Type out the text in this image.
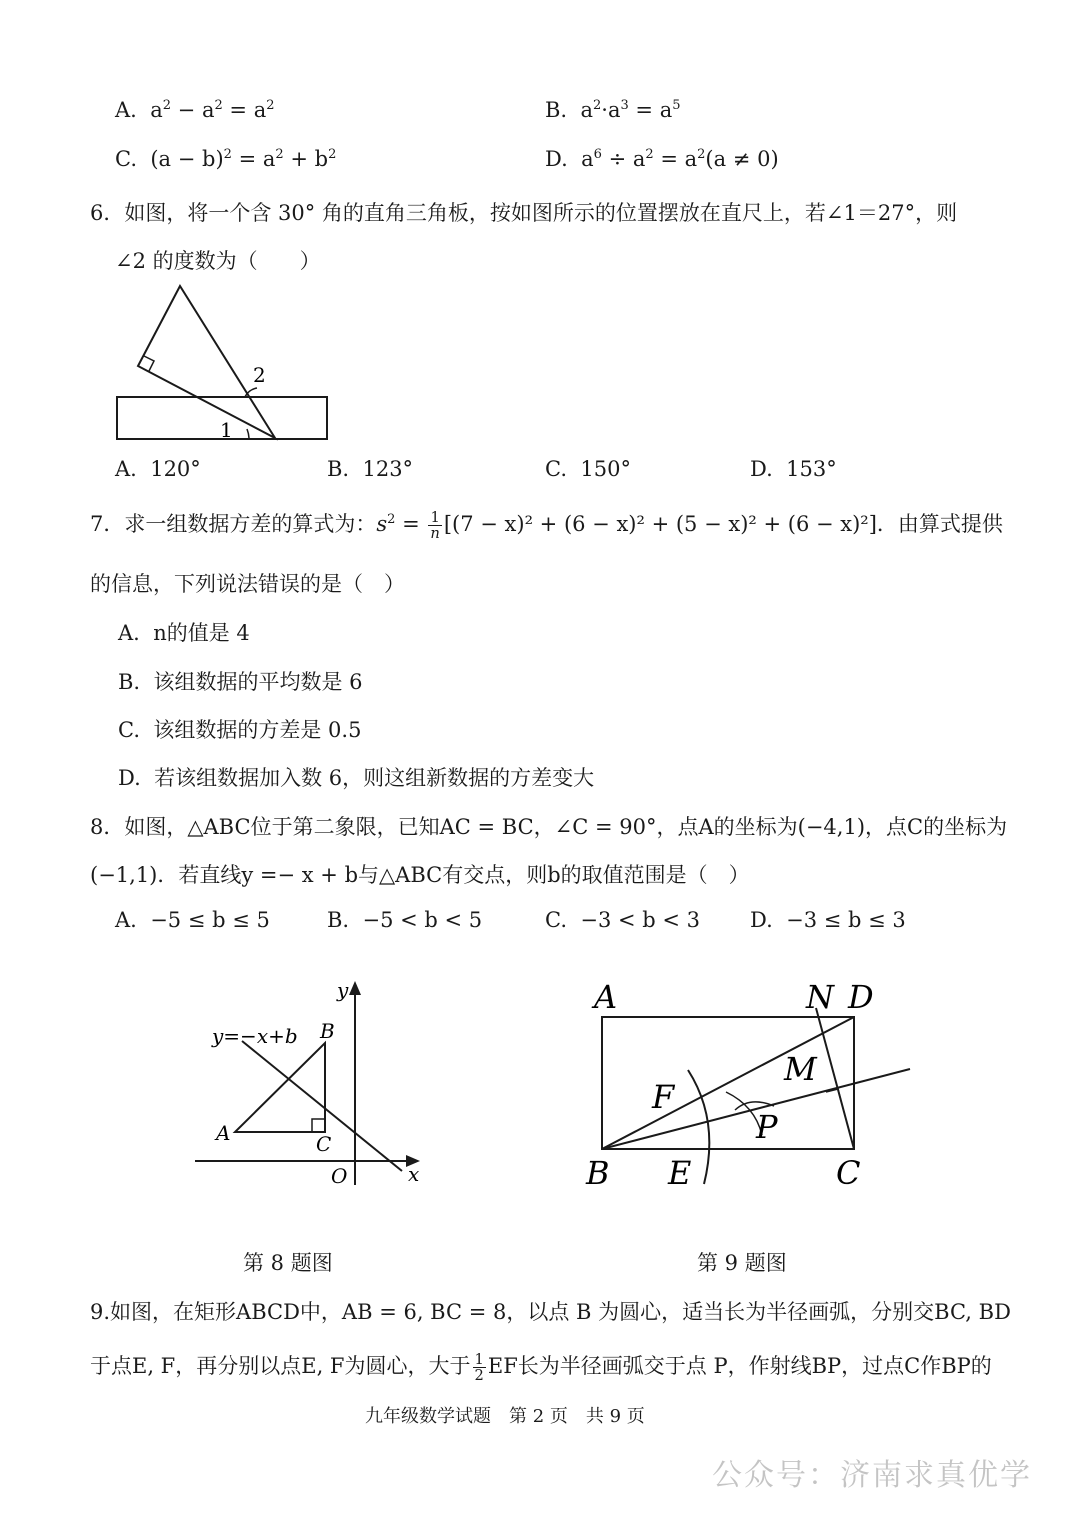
A.  $a^2 - a^2 = a^2$	B.  $a^2\cdot a^3 = a^5$
C.  $(a - b)^2 = a^2 + b^2$	D.  $a^6 \div a^2 = a^2(a \ne 0)$
6．如图，将一个含 30° 角的直角三角板，按如图所示的位置摆放在直尺上，若∠1＝27°，则
∠2 的度数为（　　）
1
2
A. 120°	B. 123°	C. 150°	D. 153°
7．求一组数据方差的算式为：$s^2 = \frac{1}{n} [(7 - x)^2 + (6 - x)^2 + (5 - x)^2 + (6 - x)^2]$．由算式提供
的信息，下列说法错误的是（　）
A. n的值是 4
B. 该组数据的平均数是 6
C. 该组数据的方差是 0.5
D. 若该组数据加入数 6，则这组新数据的方差变大
8．如图，△ABC位于第二象限，已知AC = BC，∠C = 90°，点A的坐标为(−4,1)，点C的坐标为
(−1,1)．若直线y =− x + b与△ABC有交点，则b的取值范围是（　）
A. −5 ≤ b ≤ 5	B. −5 < b < 5	C. −3 < b < 3 D. −3 ≤ b ≤ 3
y=−x+b
y
x
O
A
B
C
A	N D
M
F
P
B E	C
第 8 题图	第 9 题图
9.如图，在矩形ABCD中，AB = 6, BC = 8，以点 B 为圆心，适当长为半径画弧，分别交BC, BD
于点E, F，再分别以点E, F为圆心，大于 $\frac{1}{2}$ EF长为半径画弧交于点 P，作射线BP，过点C作BP的
九年级数学试题　第 2 页　共 9 页
公众号：济南求真优学
